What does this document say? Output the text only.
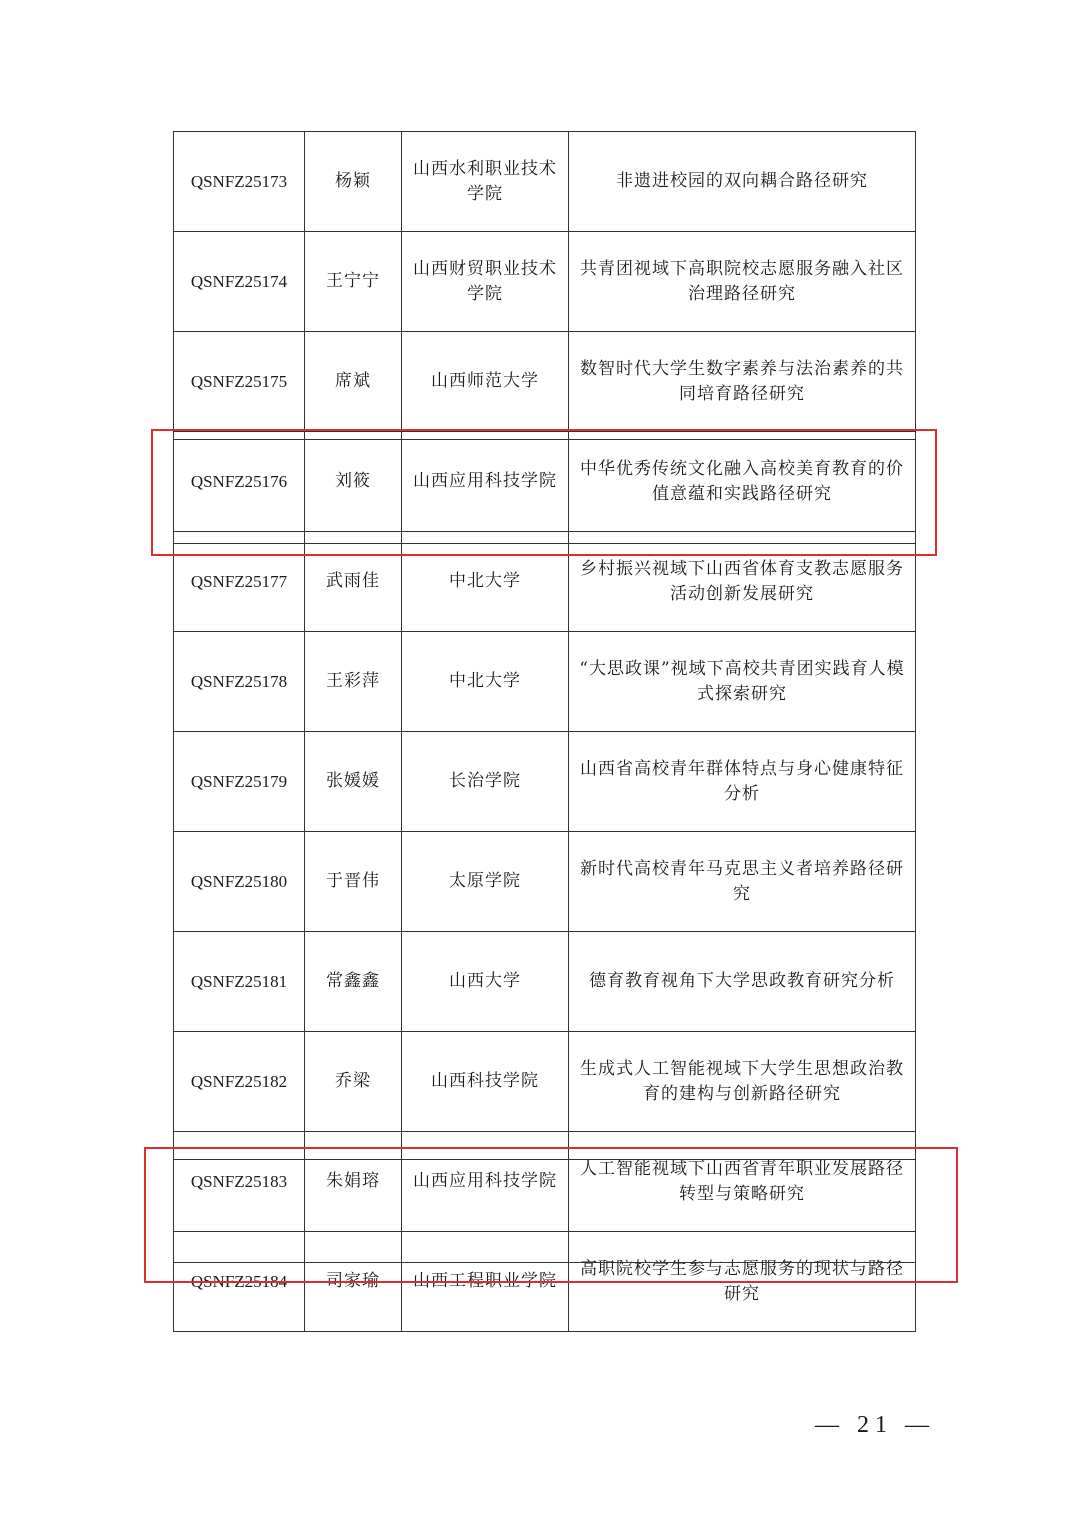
QSNFZ25173	杨颖	山西水利职业技术学院	非遗进校园的双向耦合路径研究
QSNFZ25174	王宁宁	山西财贸职业技术学院	共青团视域下高职院校志愿服务融入社区治理路径研究
QSNFZ25175	席斌	山西师范大学	数智时代大学生数字素养与法治素养的共同培育路径研究
QSNFZ25176	刘筱	山西应用科技学院	中华优秀传统文化融入高校美育教育的价值意蕴和实践路径研究
QSNFZ25177	武雨佳	中北大学	乡村振兴视域下山西省体育支教志愿服务活动创新发展研究
QSNFZ25178	王彩萍	中北大学	“大思政课”视域下高校共青团实践育人模式探索研究
QSNFZ25179	张媛媛	长治学院	山西省高校青年群体特点与身心健康特征分析
QSNFZ25180	于晋伟	太原学院	新时代高校青年马克思主义者培养路径研究
QSNFZ25181	常鑫鑫	山西大学	德育教育视角下大学思政教育研究分析
QSNFZ25182	乔梁	山西科技学院	生成式人工智能视域下大学生思想政治教育的建构与创新路径研究
QSNFZ25183	朱娟瑢	山西应用科技学院	人工智能视域下山西省青年职业发展路径转型与策略研究
QSNFZ25184	司家瑜	山西工程职业学院	高职院校学生参与志愿服务的现状与路径研究
— 21 —
